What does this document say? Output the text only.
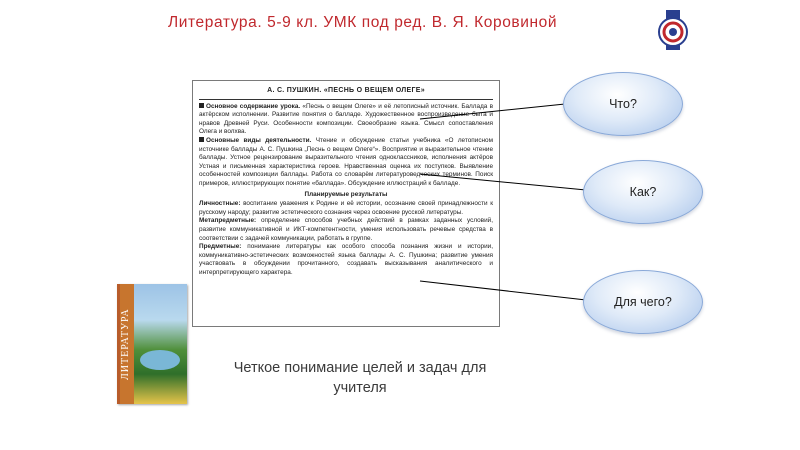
Литература. 5-9 кл. УМК под ред. В. Я. Коровиной
А. С. ПУШКИН. «ПЕСНЬ О ВЕЩЕМ ОЛЕГЕ»

Основное содержание урока. «Песнь о вещем Олеге» и её летописный источник. Баллада в актёрском исполнении. Развитие понятия о балладе. Художественное воспроизведение быта и нравов Древней Руси. Особенности композиции. Своеобразие языка. Смысл сопоставления Олега и волхва.

Основные виды деятельности. Чтение и обсуждение статьи учебника «О летописном источнике баллады А. С. Пушкина „Песнь о вещем Олеге“». Восприятие и выразительное чтение баллады. Устное рецензирование выразительного чтения одноклассников, исполнения актёров Устная и письменная характеристика героев. Нравственная оценка их поступков. Выявление особенностей композиции баллады. Работа со словарём литературоведческих терминов. Поиск примеров, иллюстрирующих понятие «баллада». Обсуждение иллюстраций к балладе.

Планируемые результаты

Личностные: воспитание уважения к Родине и её истории, осознание своей принадлежности к русскому народу; развитие эстетического сознания через освоение русской литературы.

Метапредметные: определение способов учебных действий в рамках заданных условий, развитие коммуникативной и ИКТ-компетентности, умения использовать речевые средства в соответствии с задачей коммуникации, работать в группе.

Предметные: понимание литературы как особого способа познания жизни и истории, коммуникативно-эстетических возможностей языка баллады А. С. Пушкина; развитие умения участвовать в обсуждении прочитанного, создавать высказывания аналитического и интерпретирующего характера.

ЛИТЕРАТУРА	Четкое понимание целей и задач для учителя
Что?
Как?
Для чего?
